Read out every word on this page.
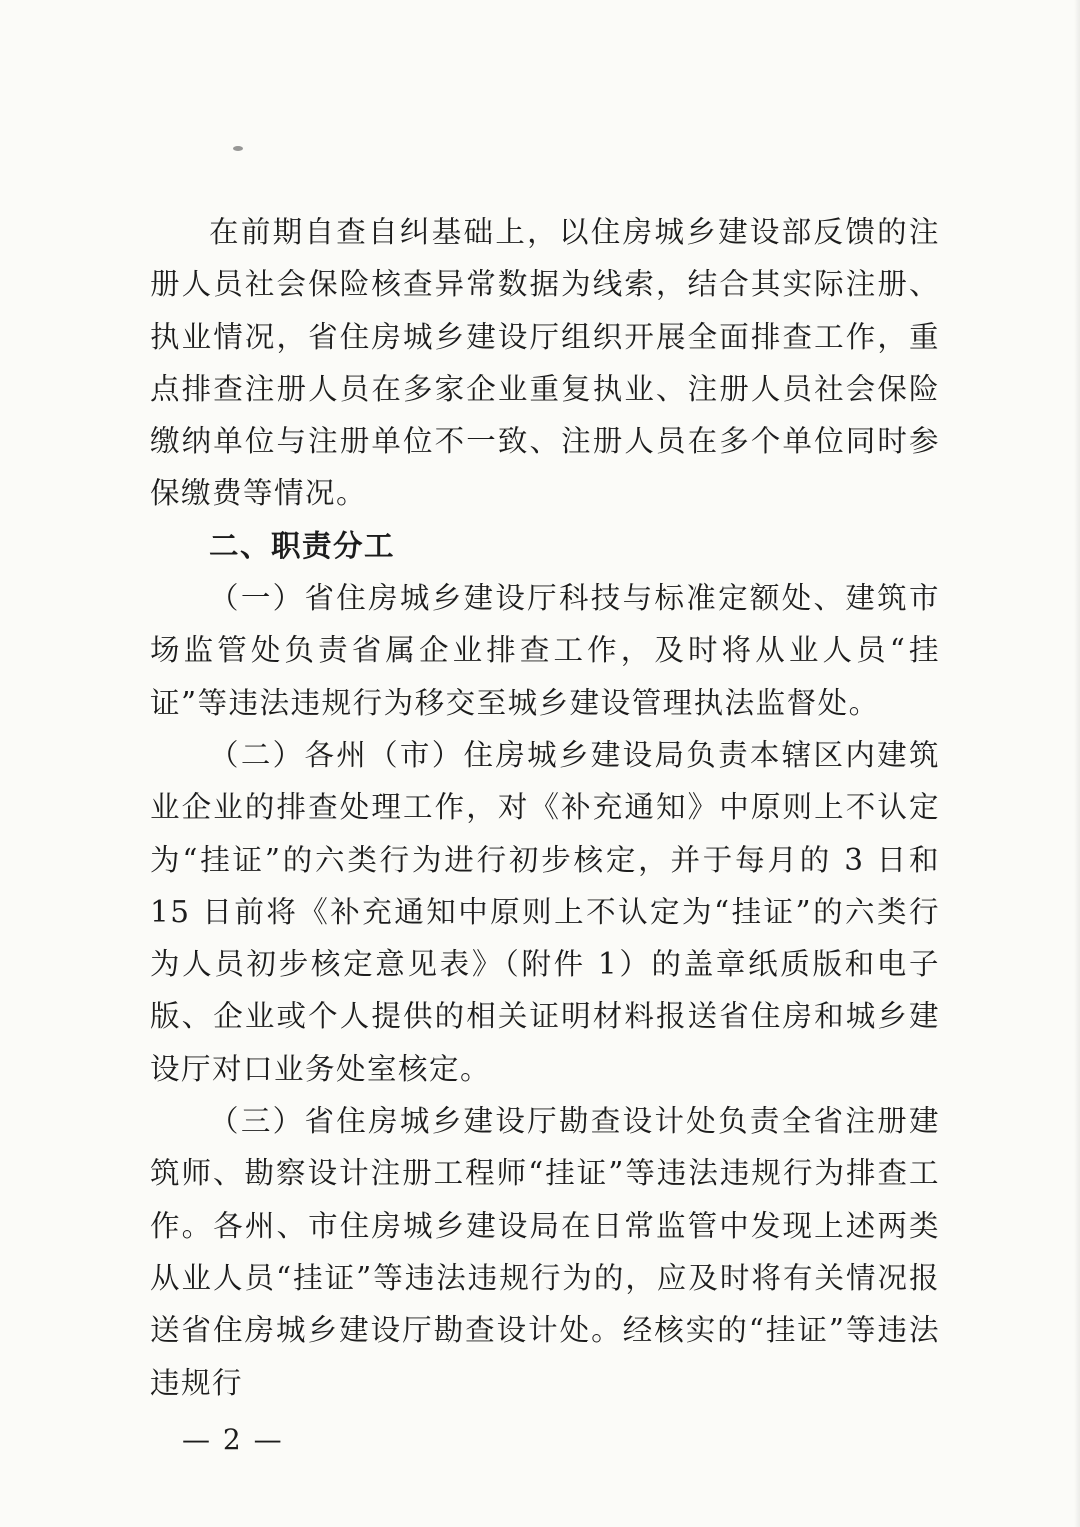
在前期自查自纠基础上，以住房城乡建设部反馈的注册人员社会保险核查异常数据为线索，结合其实际注册、执业情况，省住房城乡建设厅组织开展全面排查工作，重点排查注册人员在多家企业重复执业、注册人员社会保险缴纳单位与注册单位不一致、注册人员在多个单位同时参保缴费等情况。

二、职责分工

（一）省住房城乡建设厅科技与标准定额处、建筑市场监管处负责省属企业排查工作，及时将从业人员“挂证”等违法违规行为移交至城乡建设管理执法监督处。

（二）各州（市）住房城乡建设局负责本辖区内建筑业企业的排查处理工作，对《补充通知》中原则上不认定为“挂证”的六类行为进行初步核定，并于每月的 3 日和 15 日前将《补充通知中原则上不认定为“挂证”的六类行为人员初步核定意见表》（附件 1）的盖章纸质版和电子版、企业或个人提供的相关证明材料报送省住房和城乡建设厅对口业务处室核定。

（三）省住房城乡建设厅勘查设计处负责全省注册建筑师、勘察设计注册工程师“挂证”等违法违规行为排查工作。各州、市住房城乡建设局在日常监管中发现上述两类从业人员“挂证”等违法违规行为的，应及时将有关情况报送省住房城乡建设厅勘查设计处。经核实的“挂证”等违法违规行

— 2 —
